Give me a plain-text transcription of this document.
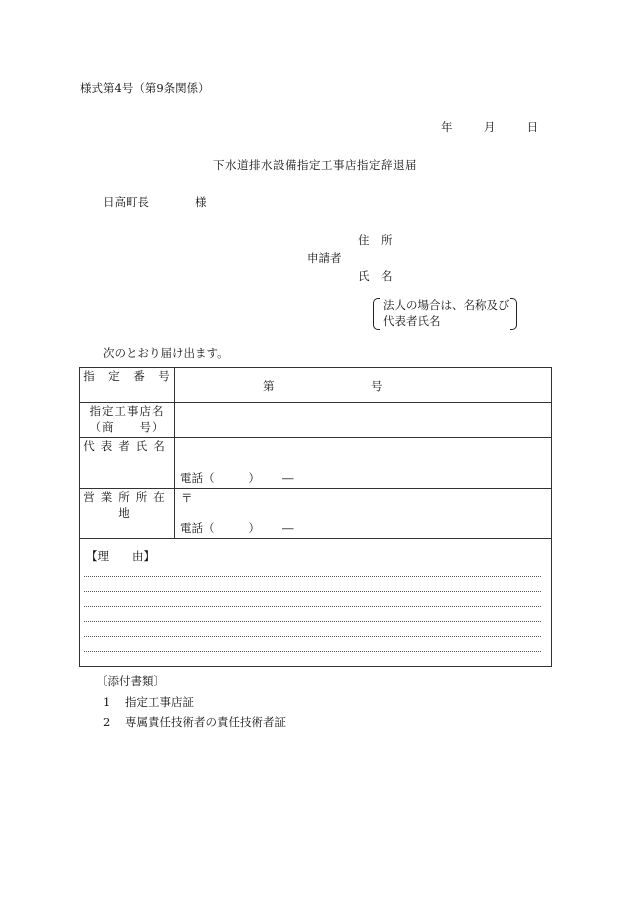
様式第4号（第9条関係）
年	月	日
下水道排水設備指定工事店指定辞退届
日高町長	様
住　所
申請者
氏　名
法人の場合は、名称及び
代表者氏名
次のとおり届け出ます。
指　定　番　号	第 号

指定工事店名
（商　　号）	

代表者氏名	電話（ ） ―

営業所所在地	〒
電話（ ） ―

【理　　由】	
〔添付書類〕
1 指定工事店証
2 専属責任技術者の責任技術者証
